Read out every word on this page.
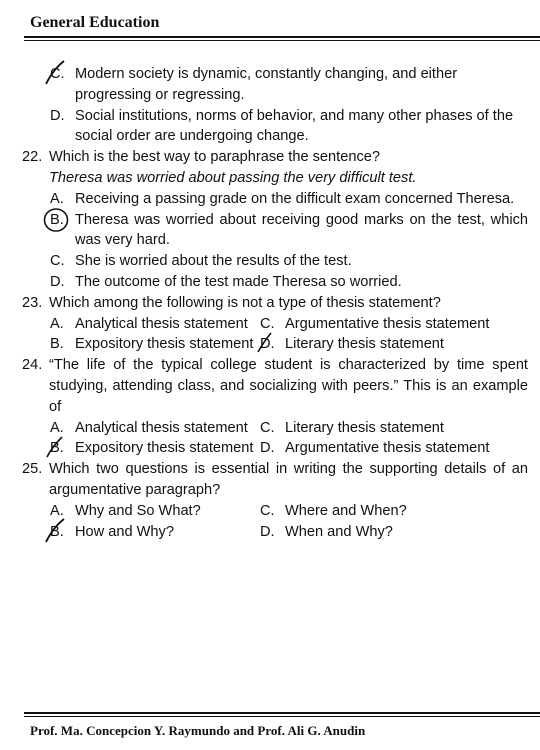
General Education
C. Modern society is dynamic, constantly changing, and either progressing or regressing.
D. Social institutions, norms of behavior, and many other phases of the social order are undergoing change.
22. Which is the best way to paraphrase the sentence?
Theresa was worried about passing the very difficult test.
A. Receiving a passing grade on the difficult exam concerned Theresa.
B. Theresa was worried about receiving good marks on the test, which was very hard.
C. She is worried about the results of the test.
D. The outcome of the test made Theresa so worried.
23. Which among the following is not a type of thesis statement?
A. Analytical thesis statement C. Argumentative thesis statement
B. Expository thesis statement D. Literary thesis statement
24. “The life of the typical college student is characterized by time spent studying, attending class, and socializing with peers.” This is an example of
A. Analytical thesis statement C. Literary thesis statement
B. Expository thesis statement D. Argumentative thesis statement
25. Which two questions is essential in writing the supporting details of an argumentative paragraph?
A. Why and So What?	C. Where and When?
B. How and Why?	D. When and Why?
Prof. Ma. Concepcion Y. Raymundo and Prof. Ali G. Anudin
